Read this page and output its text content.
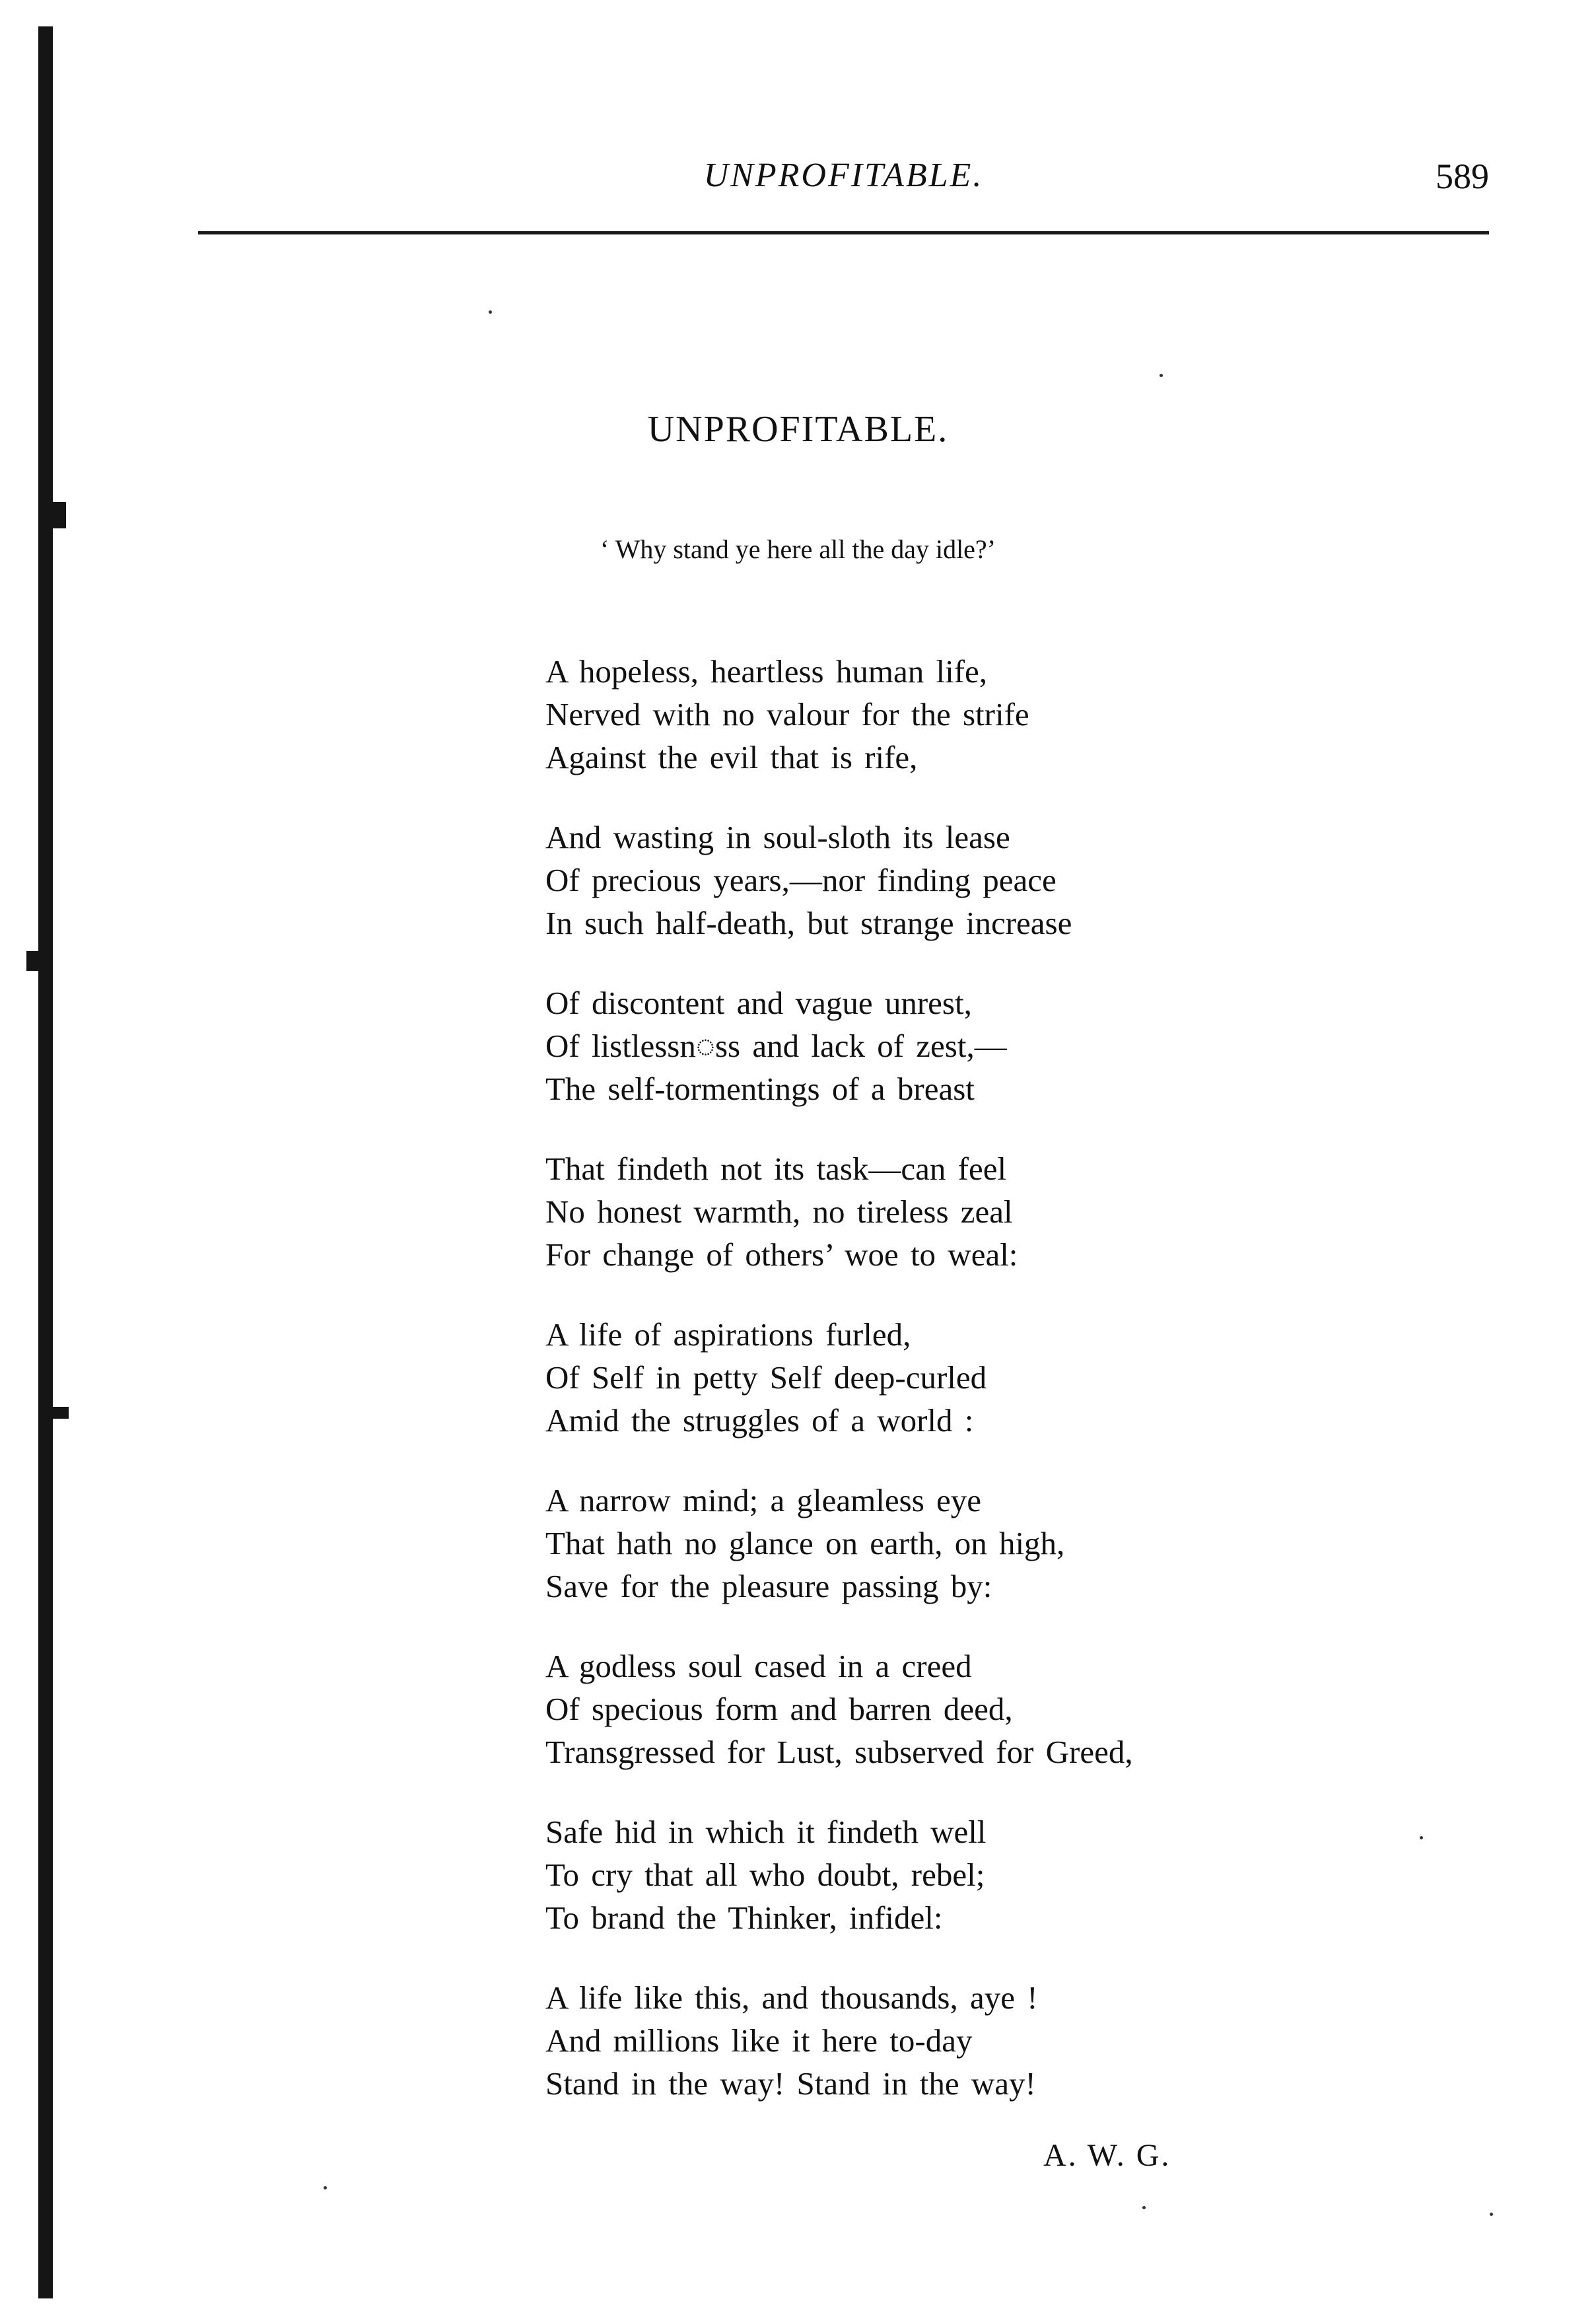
UNPROFITABLE.	589
UNPROFITABLE.
‘ Why stand ye here all the day idle?’
A hopeless, heartless human life,
Nerved with no valour for the strife
Against the evil that is rife,
And wasting in soul-sloth its lease
Of precious years,—nor finding peace
In such half-death, but strange increase
Of discontent and vague unrest,
Of listlessn◌ss and lack of zest,—
The self-tormentings of a breast
That findeth not its task—can feel
No honest warmth, no tireless zeal
For change of others’ woe to weal:
A life of aspirations furled,
Of Self in petty Self deep-curled
Amid the struggles of a world :
A narrow mind; a gleamless eye
That hath no glance on earth, on high,
Save for the pleasure passing by:
A godless soul cased in a creed
Of specious form and barren deed,
Transgressed for Lust, subserved for Greed,
Safe hid in which it findeth well
To cry that all who doubt, rebel;
To brand the Thinker, infidel:
A life like this, and thousands, aye !
And millions like it here to-day
Stand in the way! Stand in the way!
A. W. G.
